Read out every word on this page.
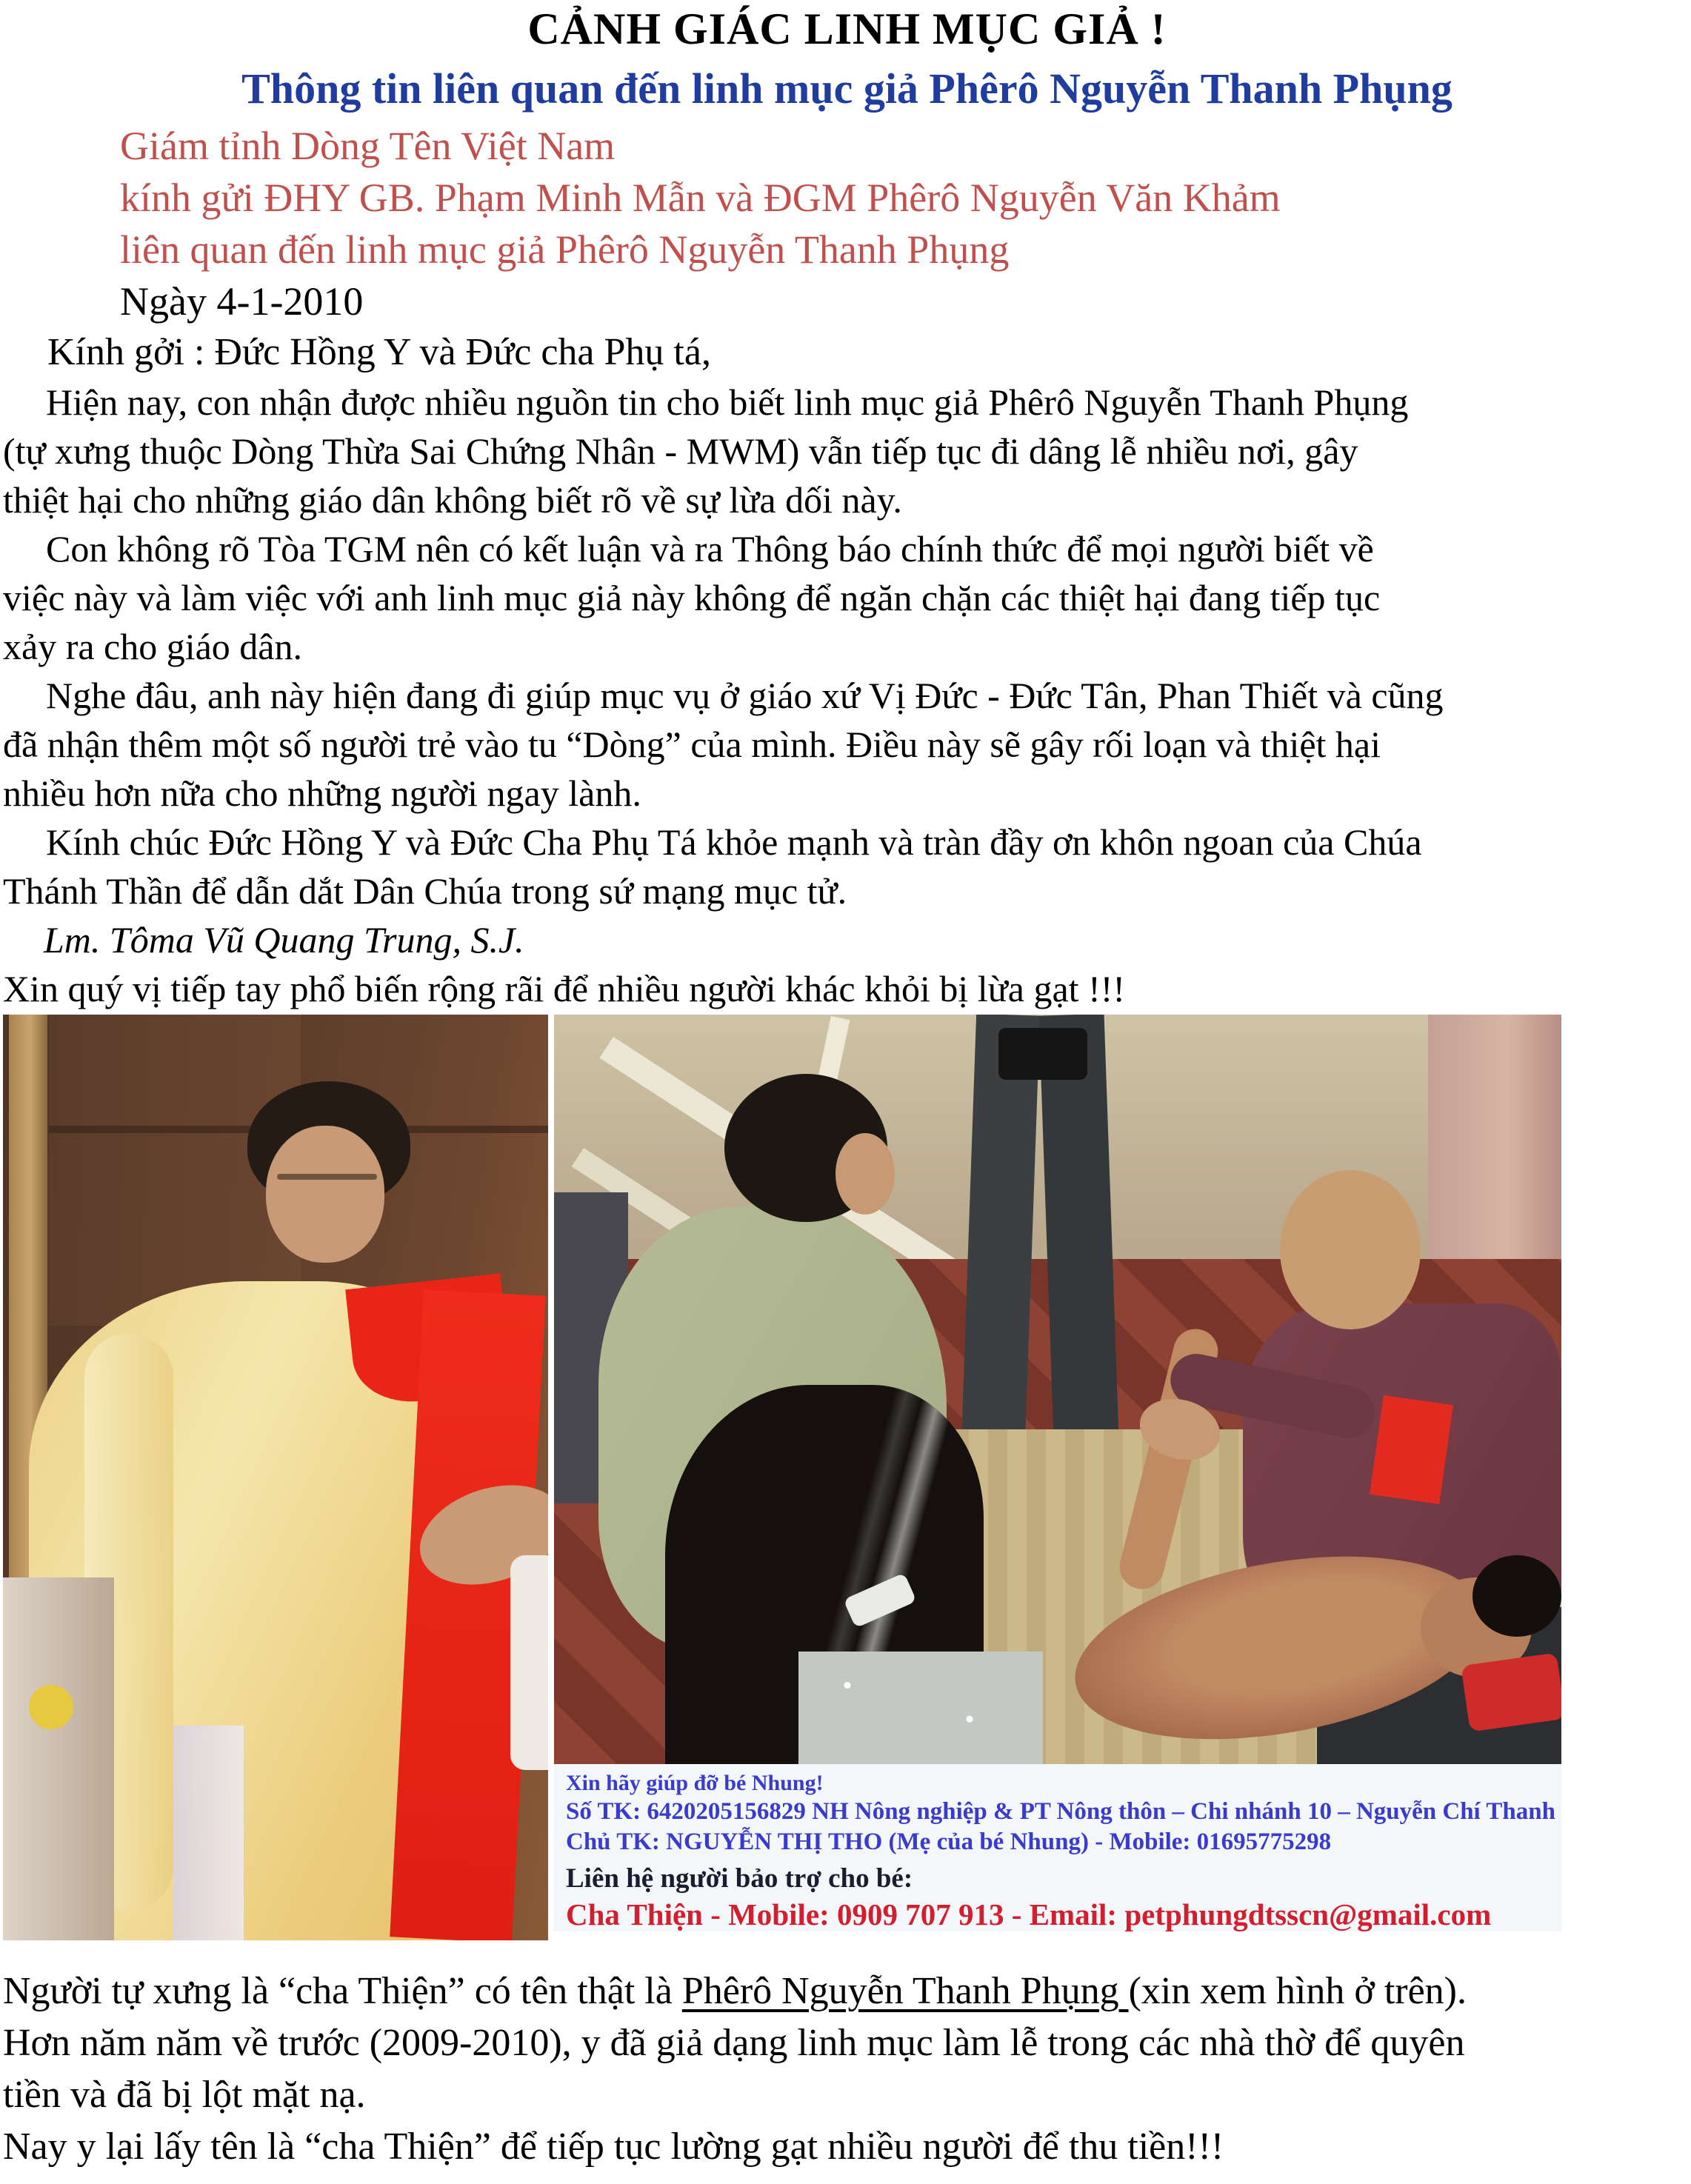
CẢNH GIÁC LINH MỤC GIẢ !
Thông tin liên quan đến linh mục giả Phêrô Nguyễn Thanh Phụng
Giám tỉnh Dòng Tên Việt Nam
kính gửi ĐHY GB. Phạm Minh Mẫn và ĐGM Phêrô Nguyễn Văn Khảm
liên quan đến linh mục giả Phêrô Nguyễn Thanh Phụng
Ngày 4-1-2010
Kính gởi : Đức Hồng Y và Đức cha Phụ tá,
Hiện nay, con nhận được nhiều nguồn tin cho biết linh mục giả Phêrô Nguyễn Thanh Phụng
(tự xưng thuộc Dòng Thừa Sai Chứng Nhân - MWM) vẫn tiếp tục đi dâng lễ nhiều nơi, gây
thiệt hại cho những giáo dân không biết rõ về sự lừa dối này.
Con không rõ Tòa TGM nên có kết luận và ra Thông báo chính thức để mọi người biết về
việc này và làm việc với anh linh mục giả này không để ngăn chặn các thiệt hại đang tiếp tục
xảy ra cho giáo dân.
Nghe đâu, anh này hiện đang đi giúp mục vụ ở giáo xứ Vị Đức - Đức Tân, Phan Thiết và cũng
đã nhận thêm một số người trẻ vào tu “Dòng” của mình. Điều này sẽ gây rối loạn và thiệt hại
nhiều hơn nữa cho những người ngay lành.
Kính chúc Đức Hồng Y và Đức Cha Phụ Tá khỏe mạnh và tràn đầy ơn khôn ngoan của Chúa
Thánh Thần để dẫn dắt Dân Chúa trong sứ mạng mục tử.
Lm. Tôma Vũ Quang Trung, S.J.
Xin quý vị tiếp tay phổ biến rộng rãi để nhiều người khác khỏi bị lừa gạt !!!
Xin hãy giúp đỡ bé Nhung!
Số TK: 6420205156829 NH Nông nghiệp & PT Nông thôn – Chi nhánh 10 – Nguyễn Chí Thanh
Chủ TK: NGUYỄN THỊ THO (Mẹ của bé Nhung) - Mobile: 01695775298
Liên hệ người bảo trợ cho bé:
Cha Thiện - Mobile: 0909 707 913 - Email: petphungdtsscn@gmail.com
Người tự xưng là “cha Thiện” có tên thật là Phêrô Nguyễn Thanh Phụng (xin xem hình ở trên).
Hơn năm năm về trước (2009-2010), y đã giả dạng linh mục làm lễ trong các nhà thờ để quyên
tiền và đã bị lột mặt nạ.
Nay y lại lấy tên là “cha Thiện” để tiếp tục lường gạt nhiều người để thu tiền!!!
